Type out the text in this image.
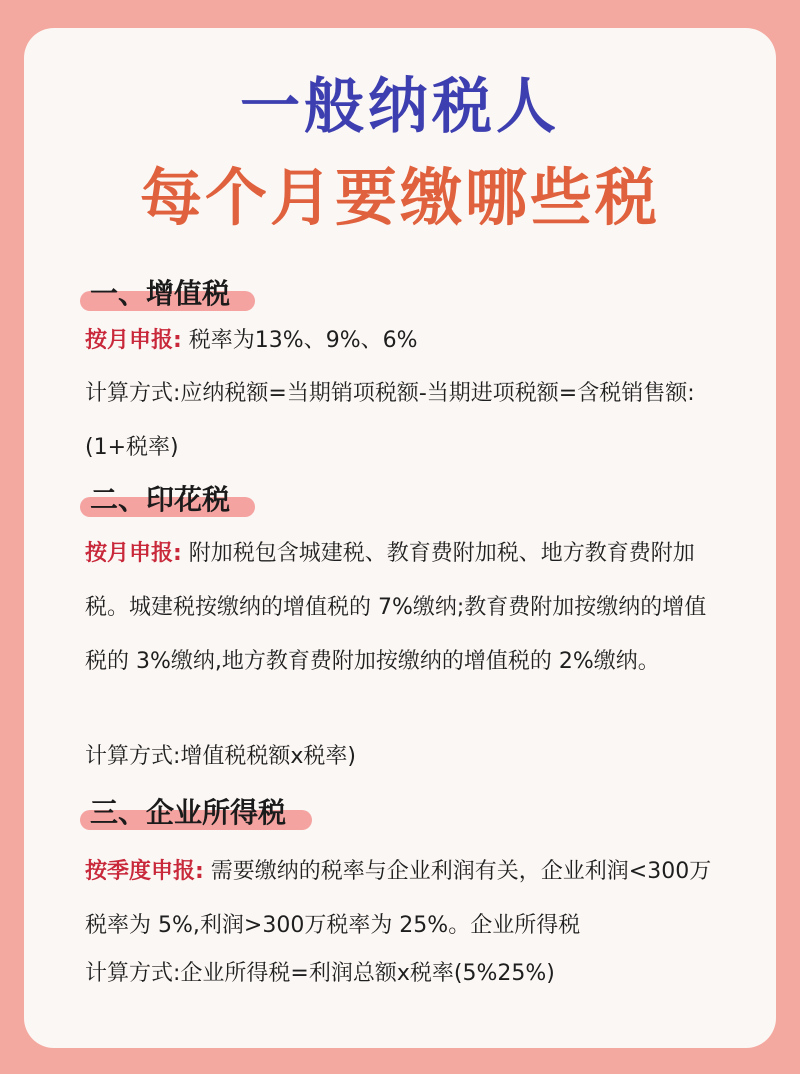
一般纳税人
每个月要缴哪些税
一、增值税

按月申报: 税率为13%、9%、6%

计算方式:应纳税额=当期销项税额-当期进项税额=含税销售额:(1+税率)

二、印花税

按月申报: 附加税包含城建税、教育费附加税、地方教育费附加税。城建税按缴纳的增值税的 7%缴纳;教育费附加按缴纳的增值税的 3%缴纳,地方教育费附加按缴纳的增值税的 2%缴纳。

计算方式:增值税税额x税率)

三、企业所得税

按季度申报: 需要缴纳的税率与企业利润有关，企业利润<300万税率为 5%,利润>300万税率为 25%。企业所得税

计算方式:企业所得税=利润总额x税率(5%25%)
